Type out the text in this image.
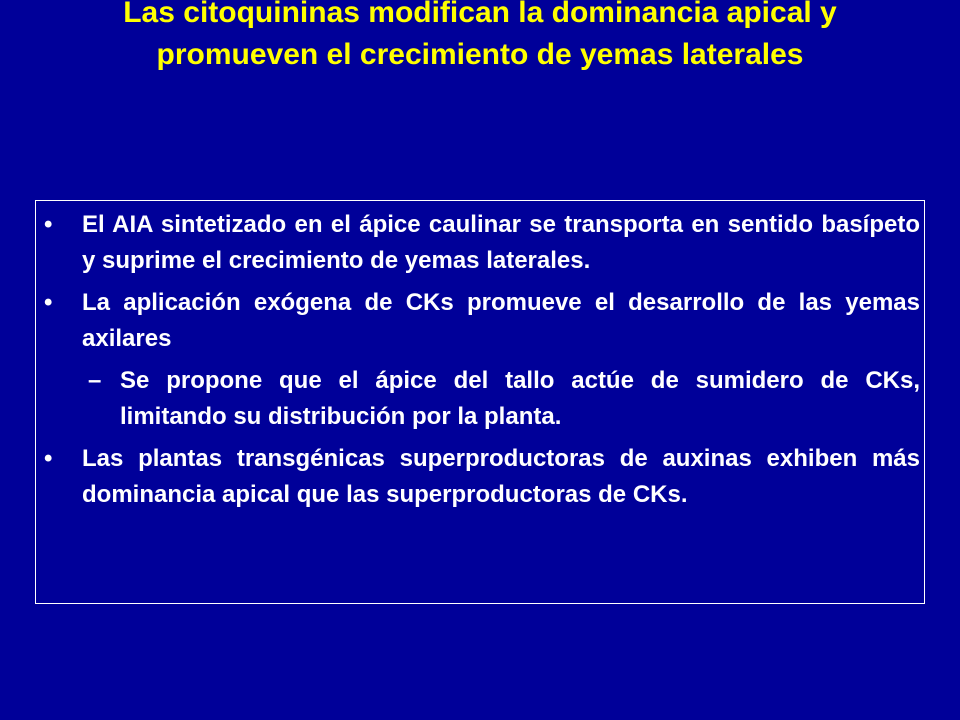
Las citoquininas modifican la dominancia apical y promueven el crecimiento de yemas laterales
•	El AIA sintetizado en el ápice caulinar se transporta en sentido basípeto y suprime el crecimiento de yemas laterales.
•	La aplicación exógena de CKs promueve el desarrollo de las yemas axilares
– Se propone que el ápice del tallo actúe de sumidero de CKs, limitando su distribución por la planta.
•	Las plantas transgénicas superproductoras de auxinas exhiben más dominancia apical que las superproductoras de CKs.
